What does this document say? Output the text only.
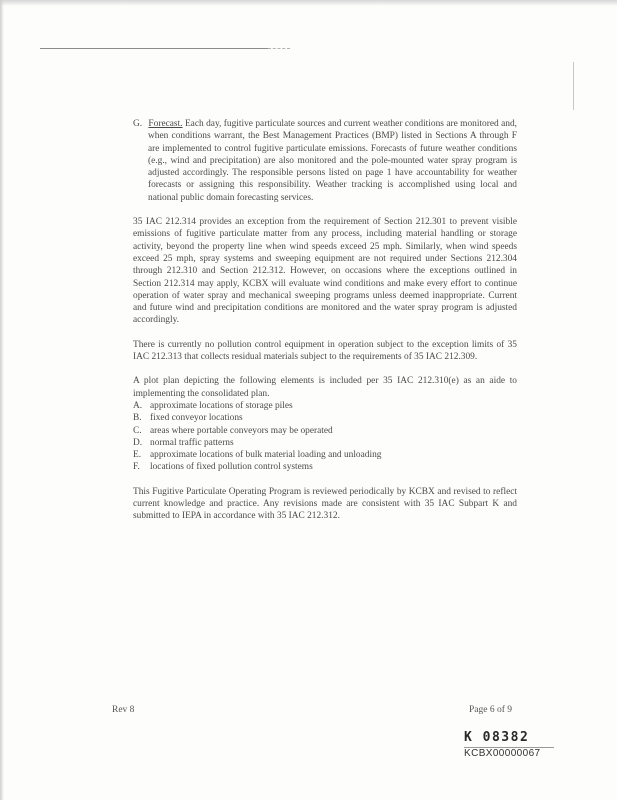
G. Forecast. Each day, fugitive particulate sources and current weather conditions are monitored and, when conditions warrant, the Best Management Practices (BMP) listed in Sections A through F are implemented to control fugitive particulate emissions. Forecasts of future weather conditions (e.g., wind and precipitation) are also monitored and the pole-mounted water spray program is adjusted accordingly. The responsible persons listed on page 1 have accountability for weather forecasts or assigning this responsibility. Weather tracking is accomplished using local and national public domain forecasting services.

35 IAC 212.314 provides an exception from the requirement of Section 212.301 to prevent visible emissions of fugitive particulate matter from any process, including material handling or storage activity, beyond the property line when wind speeds exceed 25 mph. Similarly, when wind speeds exceed 25 mph, spray systems and sweeping equipment are not required under Sections 212.304 through 212.310 and Section 212.312. However, on occasions where the exceptions outlined in Section 212.314 may apply, KCBX will evaluate wind conditions and make every effort to continue operation of water spray and mechanical sweeping programs unless deemed inappropriate. Current and future wind and precipitation conditions are monitored and the water spray program is adjusted accordingly.

There is currently no pollution control equipment in operation subject to the exception limits of 35 IAC 212.313 that collects residual materials subject to the requirements of 35 IAC 212.309.

A plot plan depicting the following elements is included per 35 IAC 212.310(e) as an aide to implementing the consolidated plan.

A. approximate locations of storage piles
B. fixed conveyor locations
C. areas where portable conveyors may be operated
D. normal traffic patterns
E. approximate locations of bulk material loading and unloading
F. locations of fixed pollution control systems

This Fugitive Particulate Operating Program is reviewed periodically by KCBX and revised to reflect current knowledge and practice. Any revisions made are consistent with 35 IAC Subpart K and submitted to IEPA in accordance with 35 IAC 212.312.

Rev 8	Page 6 of 9
K 08382
KCBX00000067
